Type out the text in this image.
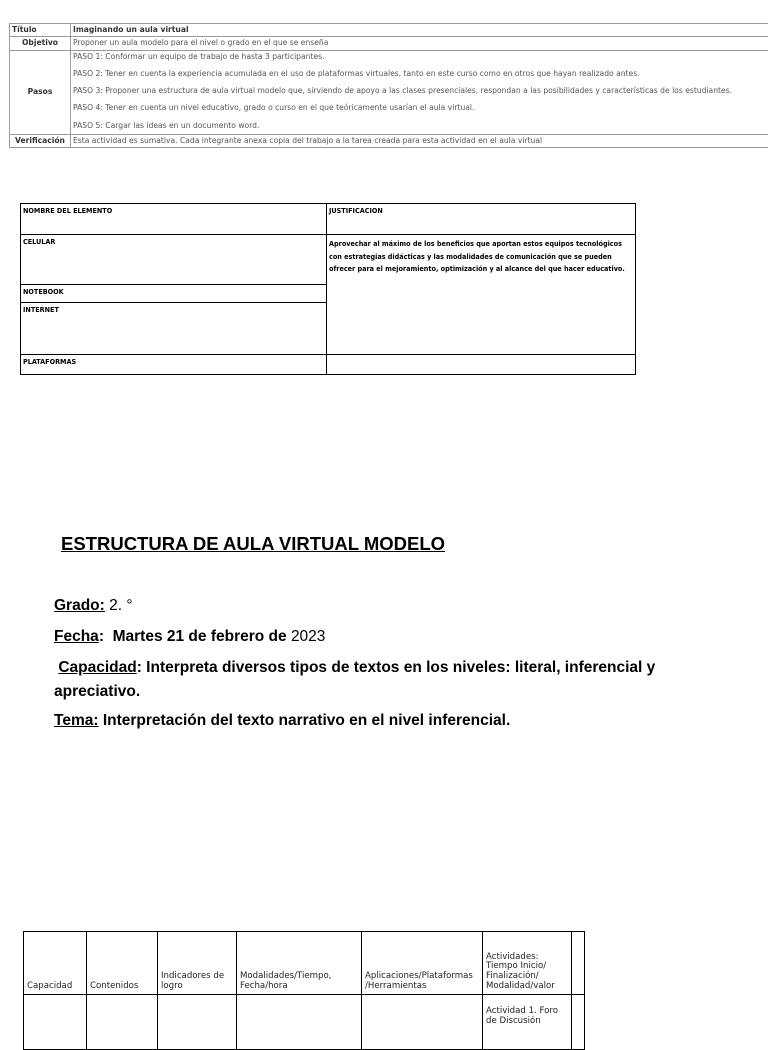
Título	Imaginando un aula virtual
Objetivo	Proponer un aula modelo para el nivel o grado en el que se enseña
Pasos	PASO 1: Conformar un equipo de trabajo de hasta 3 participantes.

PASO 2: Tener en cuenta la experiencia acumulada en el uso de plataformas virtuales, tanto en este curso como en otros que hayan realizado antes.

PASO 3: Proponer una estructura de aula virtual modelo que, sirviendo de apoyo a las clases presenciales, respondan a las posibilidades y características de los estudiantes.

PASO 4: Tener en cuenta un nivel educativo, grado o curso en el que teóricamente usarían el aula virtual.

PASO 5: Cargar las ideas en un documento word.

Verificación	Esta actividad es sumativa. Cada integrante anexa copia del trabajo a la tarea creada para esta actividad en el aula virtual
NOMBRE DEL ELEMENTO	JUSTIFICACION
CELULAR	Aprovechar al máximo de los beneficios que aportan estos equipos tecnológicos con estrategias didácticas y las modalidades de comunicación que se pueden ofrecer para el mejoramiento, optimización y al alcance del que hacer educativo.
NOTEBOOK	
INTERNET	
PLATAFORMAS	
ESTRUCTURA DE AULA VIRTUAL MODELO
Grado: 2. °
Fecha: Martes 21 de febrero de 2023
Capacidad: Interpreta diversos tipos de textos en los niveles: literal, inferencial y apreciativo.
Tema: Interpretación del texto narrativo en el nivel inferencial.
Capacidad	Contenidos	Indicadores de logro	Modalidades/Tiempo, Fecha/hora	Aplicaciones/Plataformas /Herramientas	Actividades: Tiempo Inicio/ Finalización/ Modalidad/valor	
					Actividad 1. Foro de Discusión	
